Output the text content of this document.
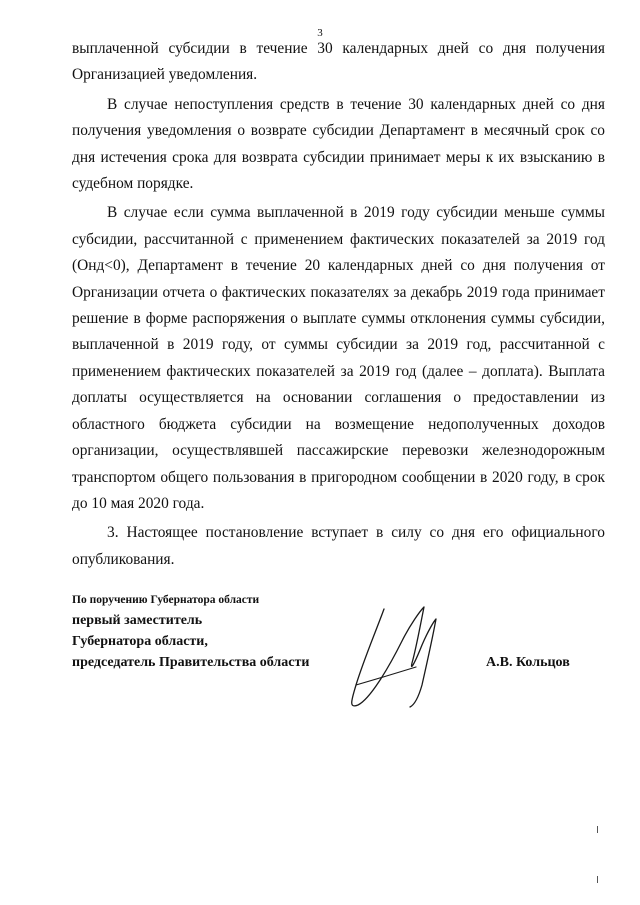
3

выплаченной субсидии в течение 30 календарных дней со дня получения Организацией уведомления.

В случае непоступления средств в течение 30 календарных дней со дня получения уведомления о возврате субсидии Департамент в месячный срок со дня истечения срока для возврата субсидии принимает меры к их взысканию в судебном порядке.

В случае если сумма выплаченной в 2019 году субсидии меньше суммы субсидии, рассчитанной с применением фактических показателей за 2019 год (Онд<0), Департамент в течение 20 календарных дней со дня получения от Организации отчета о фактических показателях за декабрь 2019 года принимает решение в форме распоряжения о выплате суммы отклонения суммы субсидии, выплаченной в 2019 году, от суммы субсидии за 2019 год, рассчитанной с применением фактических показателей за 2019 год (далее – доплата). Выплата доплаты осуществляется на основании соглашения о предоставлении из областного бюджета субсидии на возмещение недополученных доходов организации, осуществлявшей пассажирские перевозки железнодорожным транспортом общего пользования в пригородном сообщении в 2020 году, в срок до 10 мая 2020 года.

3. Настоящее постановление вступает в силу со дня его официального опубликования.

По поручению Губернатора области
первый заместитель
Губернатора области,
председатель Правительства области	А.В. Кольцов
